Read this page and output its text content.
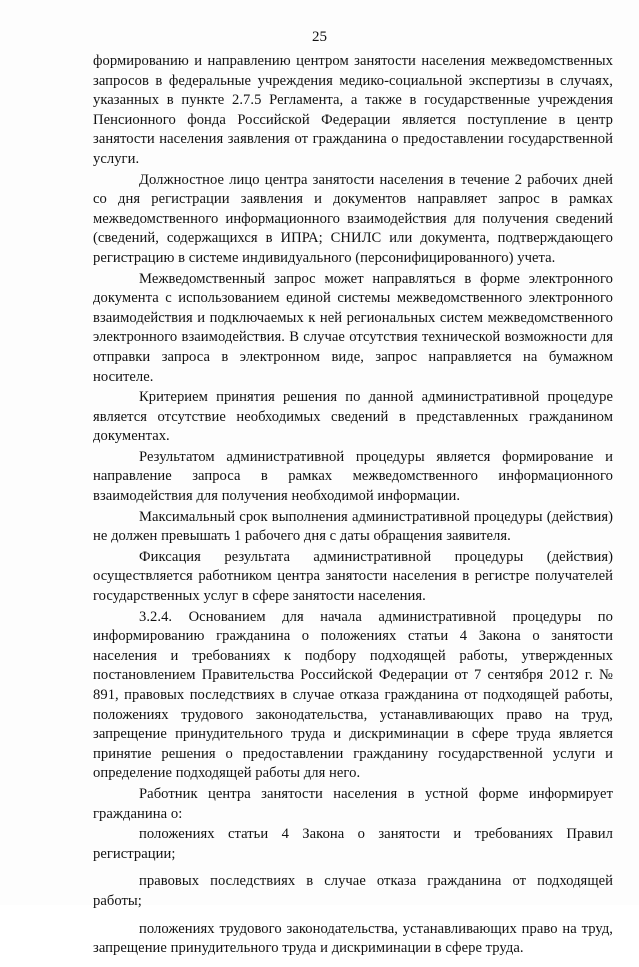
25

формированию и направлению центром занятости населения межведомственных запросов в федеральные учреждения медико-социальной экспертизы в случаях, указанных в пункте 2.7.5 Регламента, а также в государственные учреждения Пенсионного фонда Российской Федерации является поступление в центр занятости населения заявления от гражданина о предоставлении государственной услуги.

Должностное лицо центра занятости населения в течение 2 рабочих дней со дня регистрации заявления и документов направляет запрос в рамках межведомственного информационного взаимодействия для получения сведений (сведений, содержащихся в ИПРА; СНИЛС или документа, подтверждающего регистрацию в системе индивидуального (персонифицированного) учета.

Межведомственный запрос может направляться в форме электронного документа с использованием единой системы межведомственного электронного взаимодействия и подключаемых к ней региональных систем межведомственного электронного взаимодействия. В случае отсутствия технической возможности для отправки запроса в электронном виде, запрос направляется на бумажном носителе.

Критерием принятия решения по данной административной процедуре является отсутствие необходимых сведений в представленных гражданином документах.

Результатом административной процедуры является формирование и направление запроса в рамках межведомственного информационного взаимодействия для получения необходимой информации.

Максимальный срок выполнения административной процедуры (действия) не должен превышать 1 рабочего дня с даты обращения заявителя.

Фиксация результата административной процедуры (действия) осуществляется работником центра занятости населения в регистре получателей государственных услуг в сфере занятости населения.

3.2.4. Основанием для начала административной процедуры по информированию гражданина о положениях статьи 4 Закона о занятости населения и требованиях к подбору подходящей работы, утвержденных постановлением Правительства Российской Федерации от 7 сентября 2012 г. № 891, правовых последствиях в случае отказа гражданина от подходящей работы, положениях трудового законодательства, устанавливающих право на труд, запрещение принудительного труда и дискриминации в сфере труда является принятие решения о предоставлении гражданину государственной услуги и определение подходящей работы для него.

Работник центра занятости населения в устной форме информирует гражданина о:

положениях статьи 4 Закона о занятости и требованиях Правил регистрации;

правовых последствиях в случае отказа гражданина от подходящей работы;

положениях трудового законодательства, устанавливающих право на труд, запрещение принудительного труда и дискриминации в сфере труда.
